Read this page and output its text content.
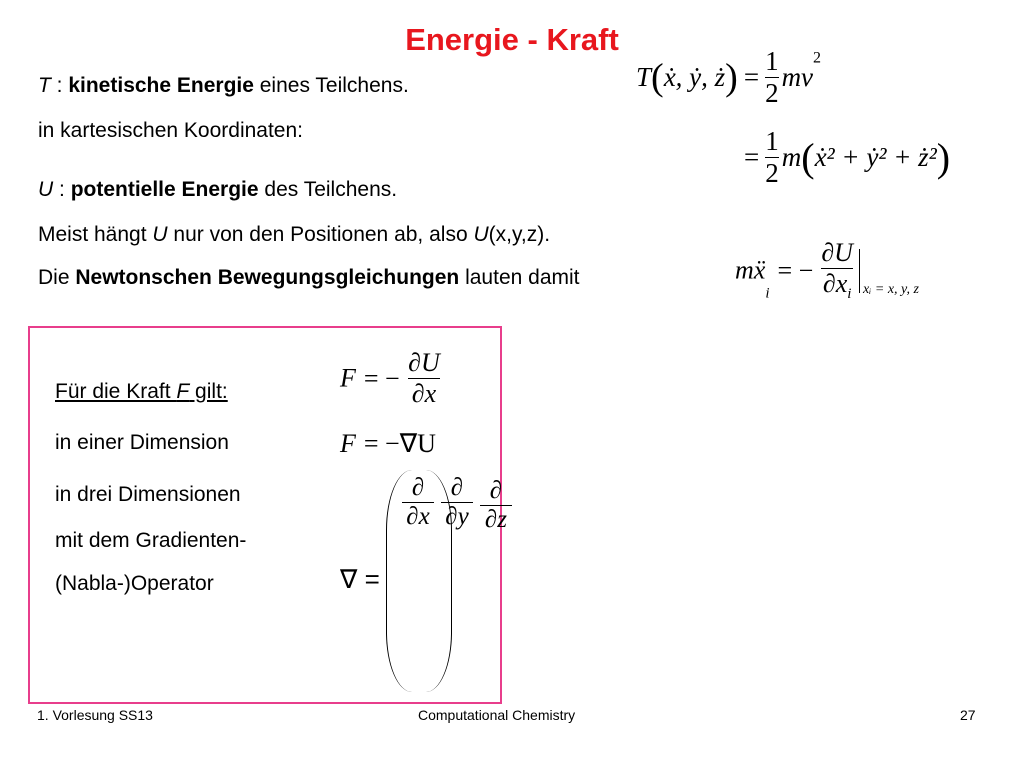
Energie - Kraft
T : kinetische Energie eines Teilchens.
in kartesischen Koordinaten:
U : potentielle Energie des Teilchens.
Meist hängt U nur von den Positionen ab, also U(x,y,z).
Die Newtonschen Bewegungsgleichungen lauten damit
T(ẋ, ẏ, ż) = $\frac{1}{2} mv^2$
= $\frac{1}{2}$ m(ẋ² + ẏ² + ż²)
mẍ$_i$= − $\frac{\partial U}{\partial x_i} _{xᵢ = x, y, z}$
Für die Kraft F gilt:
in einer Dimension
in drei Dimensionen
mit dem Gradienten-
(Nabla-)Operator
F = − $\frac{\partial U}{\partial x}$
F = −∇U
∇ =
$\frac{\partial}{\partial x}$
$\frac{\partial}{\partial y}$
$\frac{\partial}{\partial z}$
1. Vorlesung SS13	Computational Chemistry	27
